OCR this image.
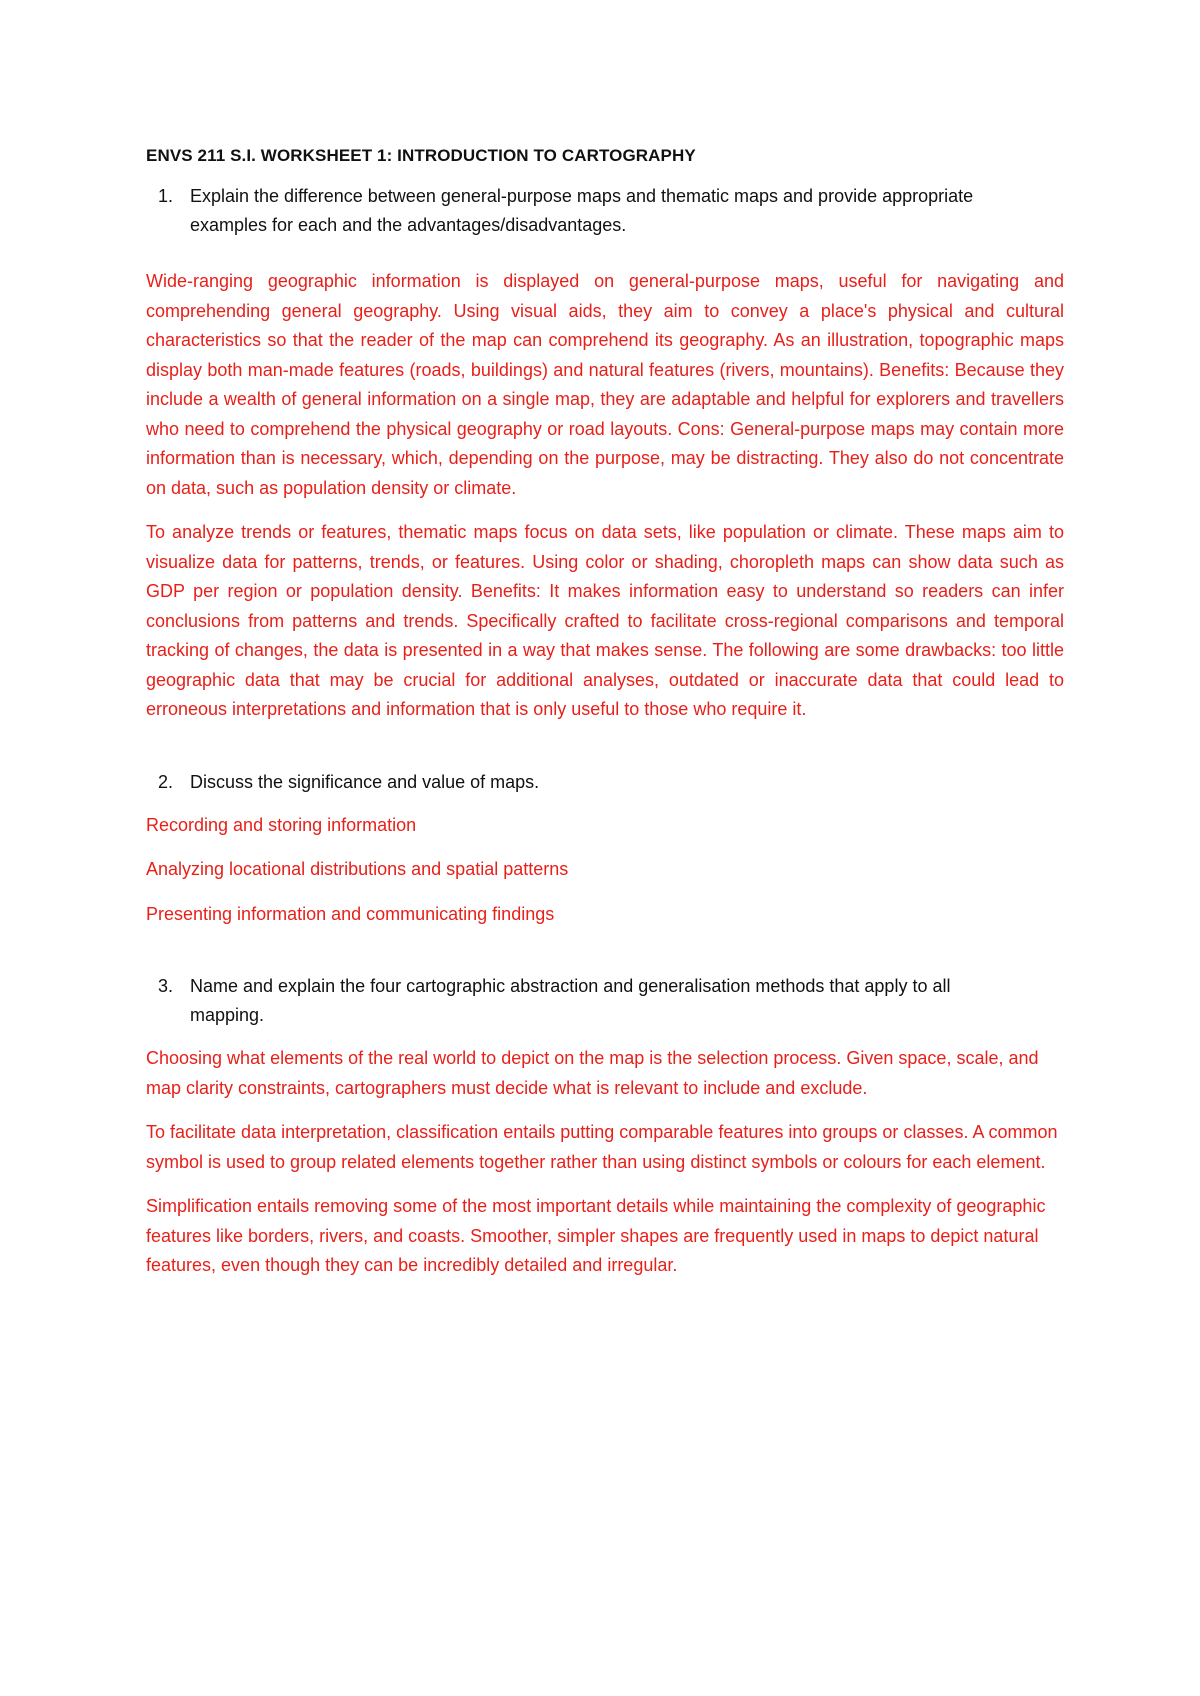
ENVS 211 S.I. WORKSHEET 1: INTRODUCTION TO CARTOGRAPHY
1. Explain the difference between general-purpose maps and thematic maps and provide appropriate examples for each and the advantages/disadvantages.

Wide-ranging geographic information is displayed on general-purpose maps, useful for navigating and comprehending general geography. Using visual aids, they aim to convey a place's physical and cultural characteristics so that the reader of the map can comprehend its geography. As an illustration, topographic maps display both man-made features (roads, buildings) and natural features (rivers, mountains). Benefits: Because they include a wealth of general information on a single map, they are adaptable and helpful for explorers and travellers who need to comprehend the physical geography or road layouts. Cons: General-purpose maps may contain more information than is necessary, which, depending on the purpose, may be distracting. They also do not concentrate on data, such as population density or climate.

To analyze trends or features, thematic maps focus on data sets, like population or climate. These maps aim to visualize data for patterns, trends, or features. Using color or shading, choropleth maps can show data such as GDP per region or population density. Benefits: It makes information easy to understand so readers can infer conclusions from patterns and trends. Specifically crafted to facilitate cross-regional comparisons and temporal tracking of changes, the data is presented in a way that makes sense. The following are some drawbacks: too little geographic data that may be crucial for additional analyses, outdated or inaccurate data that could lead to erroneous interpretations and information that is only useful to those who require it.

2. Discuss the significance and value of maps.

Recording and storing information

Analyzing locational distributions and spatial patterns

Presenting information and communicating findings

3. Name and explain the four cartographic abstraction and generalisation methods that apply to all mapping.

Choosing what elements of the real world to depict on the map is the selection process. Given space, scale, and map clarity constraints, cartographers must decide what is relevant to include and exclude.

To facilitate data interpretation, classification entails putting comparable features into groups or classes. A common symbol is used to group related elements together rather than using distinct symbols or colours for each element.

Simplification entails removing some of the most important details while maintaining the complexity of geographic features like borders, rivers, and coasts. Smoother, simpler shapes are frequently used in maps to depict natural features, even though they can be incredibly detailed and irregular.
